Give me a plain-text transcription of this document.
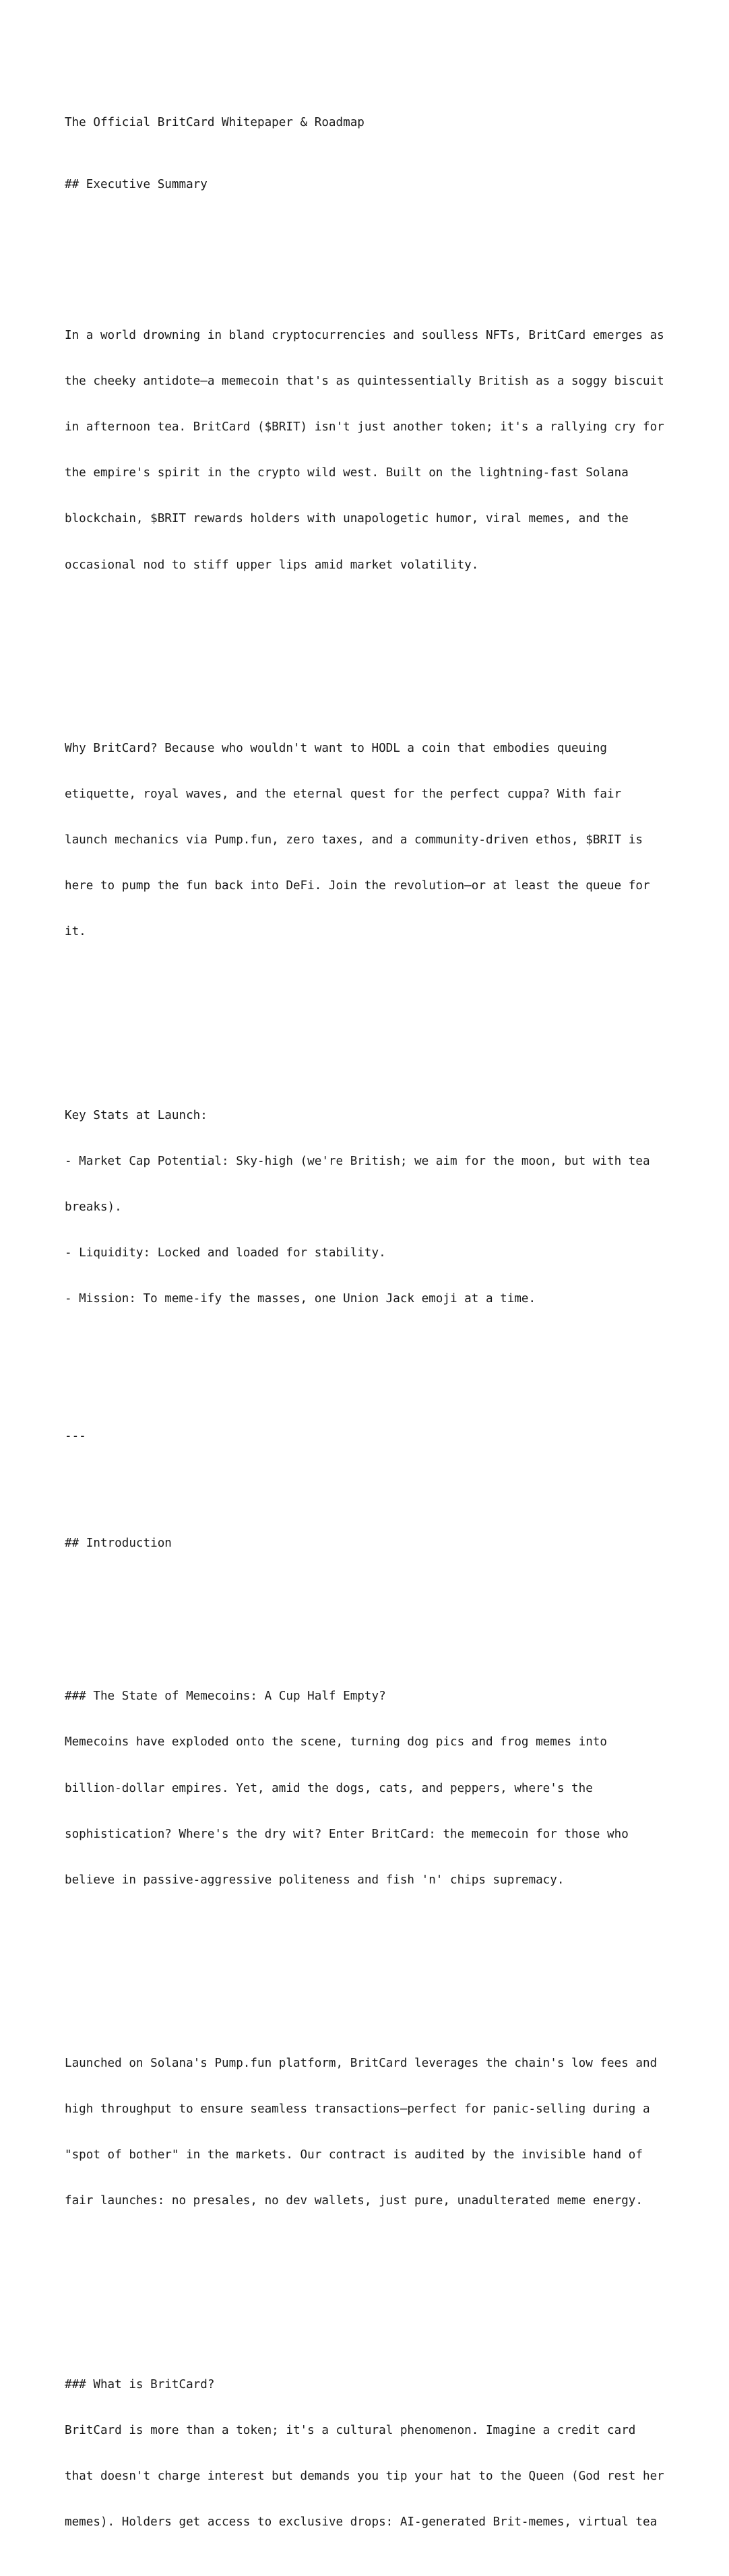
The Official BritCard Whitepaper & Roadmap

## Executive Summary

In a world drowning in bland cryptocurrencies and soulless NFTs, BritCard emerges as

the cheeky antidote—a memecoin that's as quintessentially British as a soggy biscuit

in afternoon tea. BritCard ($BRIT) isn't just another token; it's a rallying cry for

the empire's spirit in the crypto wild west. Built on the lightning-fast Solana

blockchain, $BRIT rewards holders with unapologetic humor, viral memes, and the

occasional nod to stiff upper lips amid market volatility.

Why BritCard? Because who wouldn't want to HODL a coin that embodies queuing

etiquette, royal waves, and the eternal quest for the perfect cuppa? With fair

launch mechanics via Pump.fun, zero taxes, and a community-driven ethos, $BRIT is

here to pump the fun back into DeFi. Join the revolution—or at least the queue for

it.

Key Stats at Launch:

- Market Cap Potential: Sky-high (we're British; we aim for the moon, but with tea

breaks).

- Liquidity: Locked and loaded for stability.

- Mission: To meme-ify the masses, one Union Jack emoji at a time.

---

## Introduction

### The State of Memecoins: A Cup Half Empty?

Memecoins have exploded onto the scene, turning dog pics and frog memes into

billion-dollar empires. Yet, amid the dogs, cats, and peppers, where's the

sophistication? Where's the dry wit? Enter BritCard: the memecoin for those who

believe in passive-aggressive politeness and fish 'n' chips supremacy.

Launched on Solana's Pump.fun platform, BritCard leverages the chain's low fees and

high throughput to ensure seamless transactions—perfect for panic-selling during a

"spot of bother" in the markets. Our contract is audited by the invisible hand of

fair launches: no presales, no dev wallets, just pure, unadulterated meme energy.

### What is BritCard?

BritCard is more than a token; it's a cultural phenomenon. Imagine a credit card

that doesn't charge interest but demands you tip your hat to the Queen (God rest her

memes). Holders get access to exclusive drops: AI-generated Brit-memes, virtual tea
